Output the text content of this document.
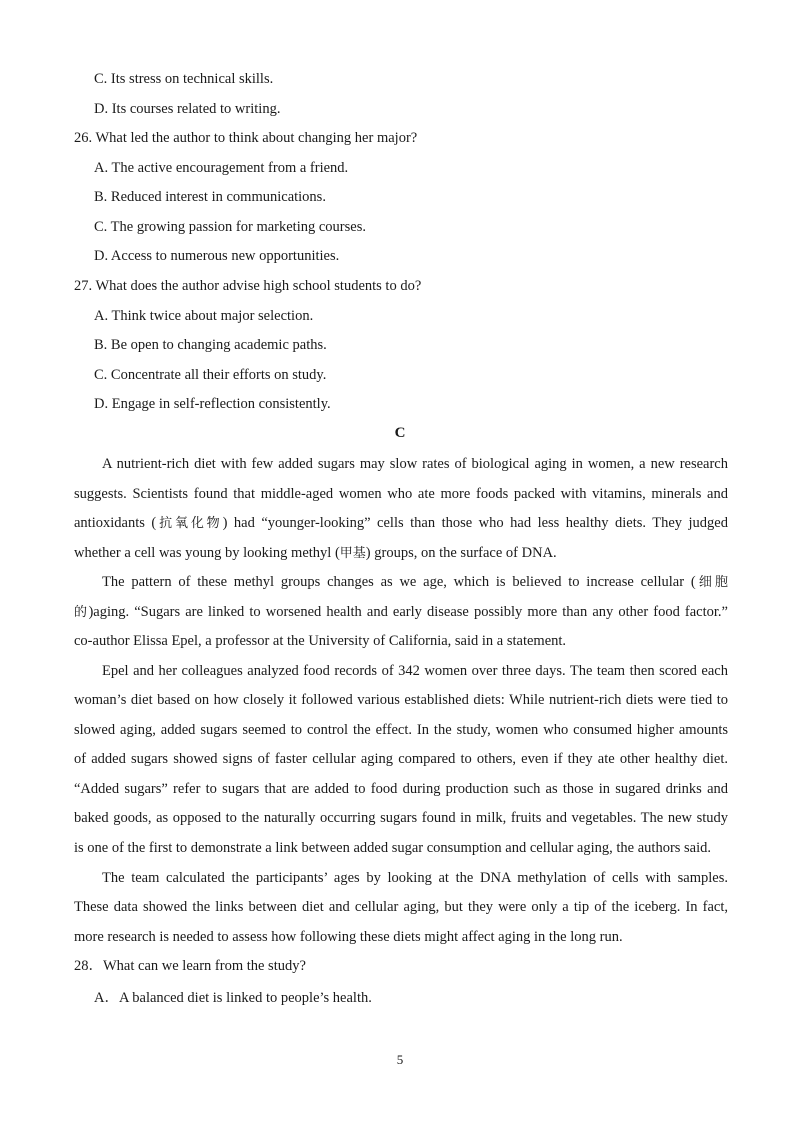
C. Its stress on technical skills.
D. Its courses related to writing.
26. What led the author to think about changing her major?
A. The active encouragement from a friend.
B. Reduced interest in communications.
C. The growing passion for marketing courses.
D. Access to numerous new opportunities.
27. What does the author advise high school students to do?
A. Think twice about major selection.
B. Be open to changing academic paths.
C. Concentrate all their efforts on study.
D. Engage in self-reflection consistently.
C
A nutrient-rich diet with few added sugars may slow rates of biological aging in women, a new research
suggests. Scientists found that middle-aged women who ate more foods packed with vitamins, minerals and
antioxidants (抗氧化物) had “younger-looking” cells than those who had less healthy diets. They judged
whether a cell was young by looking methyl (甲基) groups, on the surface of DNA.
The pattern of these methyl groups changes as we age, which is believed to increase cellular (细胞
的)aging. “Sugars are linked to worsened health and early disease possibly more than any other food factor.”
co-author Elissa Epel, a professor at the University of California, said in a statement.
Epel and her colleagues analyzed food records of 342 women over three days. The team then scored each
woman’s diet based on how closely it followed various established diets: While nutrient-rich diets were tied to
slowed aging, added sugars seemed to control the effect. In the study, women who consumed higher amounts
of added sugars showed signs of faster cellular aging compared to others, even if they ate other healthy diet.
“Added sugars” refer to sugars that are added to food during production such as those in sugared drinks and
baked goods, as opposed to the naturally occurring sugars found in milk, fruits and vegetables. The new study
is one of the first to demonstrate a link between added sugar consumption and cellular aging, the authors said.
The team calculated the participants’ ages by looking at the DNA methylation of cells with samples.
These data showed the links between diet and cellular aging, but they were only a tip of the iceberg. In fact,
more research is needed to assess how following these diets might affect aging in the long run.
28．What can we learn from the study?
A．A balanced diet is linked to people’s health.
5
